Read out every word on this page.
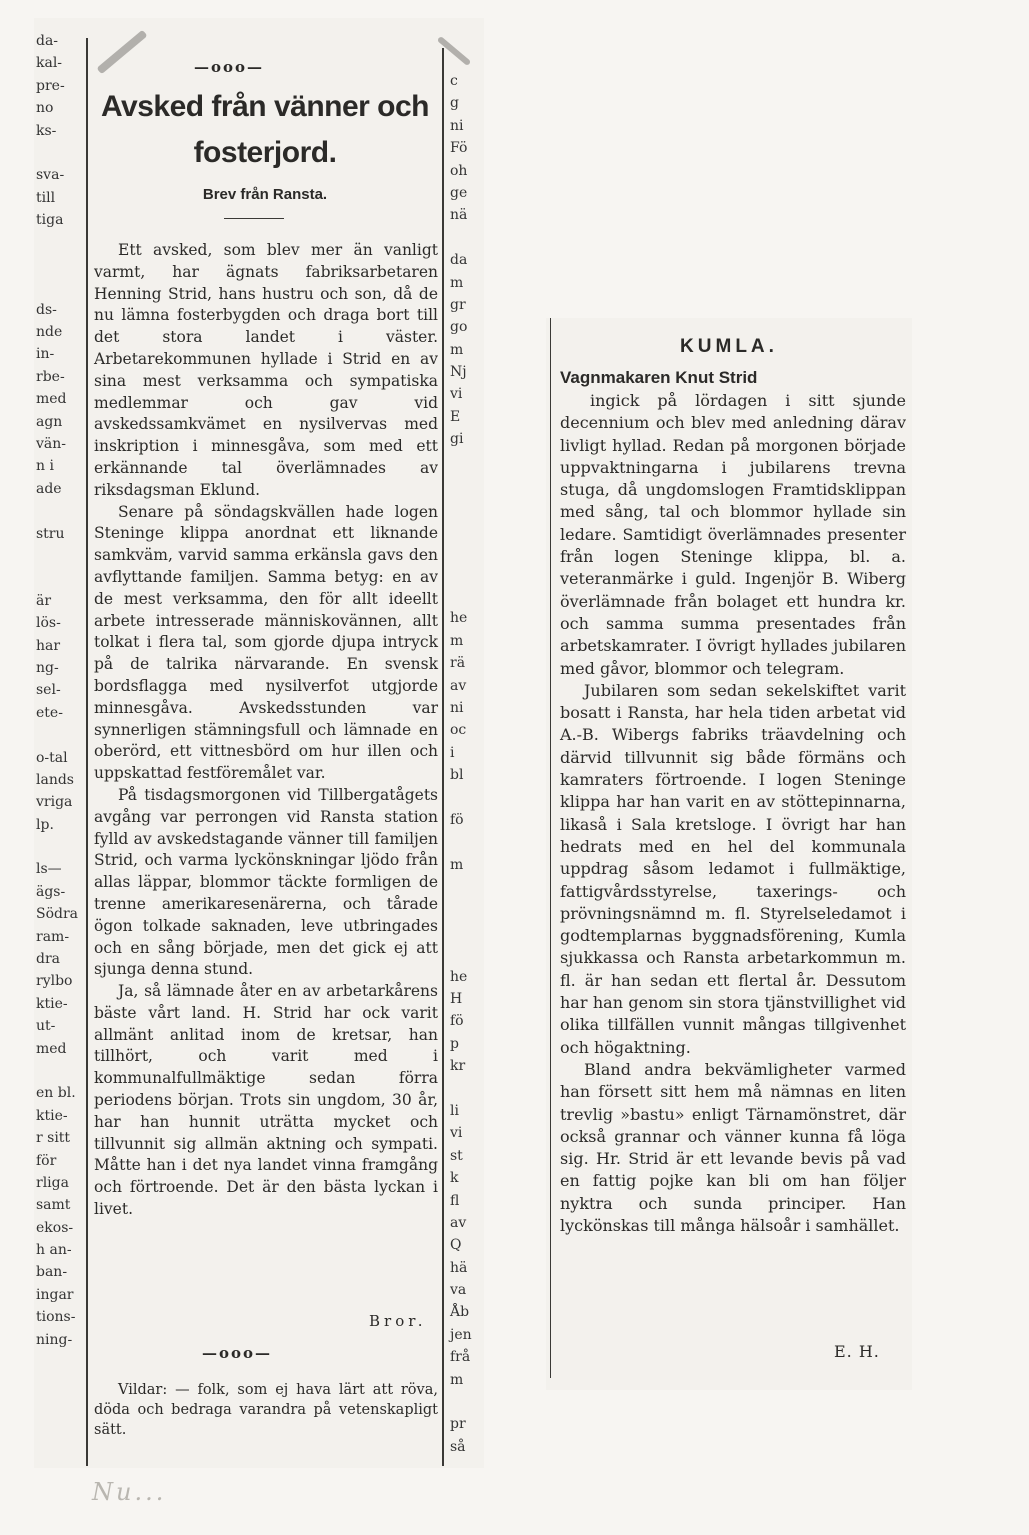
da-
kal-
pre-
no
ks-
sva-
till
tiga
ds-
nde
in-
rbe-
med
agn
vän-
n i
ade
stru
är
lös-
har
ng-
sel-
ete-
o-tal
lands
vriga
lp.
ls—
ägs-
Södra
ram-
dra
rylbo
ktie-
ut-
med
en bl.
ktie-
r sitt
för
rliga
samt
ekos-
h an-
ban-
ingar
tions-
ning-
c
g
ni
Fö
oh
ge
nä
da
m
gr
go
m
Nj
vi
E
gi
he
m
rä
av
ni
oc
i
bl
fö
m
he
H
fö
p
kr
li
vi
st
k
fl
av
Q
hä
va
Åb
jen
frå
m
pr
så
—ooo—
Avsked från vänner och
fosterjord.
Brev från Ransta.

Ett avsked, som blev mer än vanligt varmt, har ägnats fabriksarbetaren Henning Strid, hans hustru och son, då de nu lämna fosterbygden och draga bort till det stora landet i väster. Arbetarekommunen hyllade i Strid en av sina mest verksamma och sympatiska medlemmar och gav vid avskedssamkvämet en nysilvervas med inskription i minnesgåva, som med ett erkännande tal överlämnades av riksdagsman Eklund.

Senare på söndagskvällen hade logen Steninge klippa anordnat ett liknande samkväm, varvid samma erkänsla gavs den avflyttande familjen. Samma betyg: en av de mest verksamma, den för allt ideellt arbete intresserade människovännen, allt tolkat i flera tal, som gjorde djupa intryck på de talrika närvarande. En svensk bordsflagga med nysilverfot utgjorde minnesgåva. Avskedsstunden var synnerligen stämningsfull och lämnade en oberörd, ett vittnesbörd om hur illen och uppskattad festföremålet var.

På tisdagsmorgonen vid Tillbergatågets avgång var perrongen vid Ransta station fylld av avskedstagande vänner till familjen Strid, och varma lyckönskningar ljödo från allas läppar, blommor täckte formligen de trenne amerikaresenärerna, och tårade ögon tolkade saknaden, leve utbringades och en sång började, men det gick ej att sjunga denna stund.

Ja, så lämnade åter en av arbetarkårens bäste vårt land. H. Strid har ock varit allmänt anlitad inom de kretsar, han tillhört, och varit med i kommunalfullmäktige sedan förra periodens början. Trots sin ungdom, 30 år, har han hunnit uträtta mycket och tillvunnit sig allmän aktning och sympati. Måtte han i det nya landet vinna framgång och förtroende. Det är den bästa lyckan i livet.

Bror.
—ooo—

Vildar: — folk, som ej hava lärt att röva, döda och bedraga varandra på vetenskapligt sätt.

Nu...
KUMLA.
Vagnmakaren Knut Strid

ingick på lördagen i sitt sjunde decennium och blev med anledning därav livligt hyllad. Redan på morgonen började uppvaktningarna i jubilarens trevna stuga, då ungdomslogen Framtidsklippan med sång, tal och blommor hyllade sin ledare. Samtidigt överlämnades presenter från logen Steninge klippa, bl. a. veteranmärke i guld. Ingenjör B. Wiberg överlämnade från bolaget ett hundra kr. och samma summa presentades från arbetskamrater. I övrigt hyllades jubilaren med gåvor, blommor och telegram.

Jubilaren som sedan sekelskiftet varit bosatt i Ransta, har hela tiden arbetat vid A.-B. Wibergs fabriks träavdelning och därvid tillvunnit sig både förmäns och kamraters förtroende. I logen Steninge klippa har han varit en av stöttepinnarna, likaså i Sala kretsloge. I övrigt har han hedrats med en hel del kommunala uppdrag såsom ledamot i fullmäktige, fattigvårdsstyrelse, taxerings- och prövningsnämnd m. fl. Styrelseledamot i godtemplarnas byggnadsförening, Kumla sjukkassa och Ransta arbetarkommun m. fl. är han sedan ett flertal år. Dessutom har han genom sin stora tjänstvillighet vid olika tillfällen vunnit mångas tillgivenhet och högaktning.

Bland andra bekvämligheter varmed han försett sitt hem må nämnas en liten trevlig »bastu» enligt Tärnamönstret, där också grannar och vänner kunna få löga sig. Hr. Strid är ett levande bevis på vad en fattig pojke kan bli om han följer nyktra och sunda principer. Han lyckönskas till många hälsoår i samhället.

E. H.
